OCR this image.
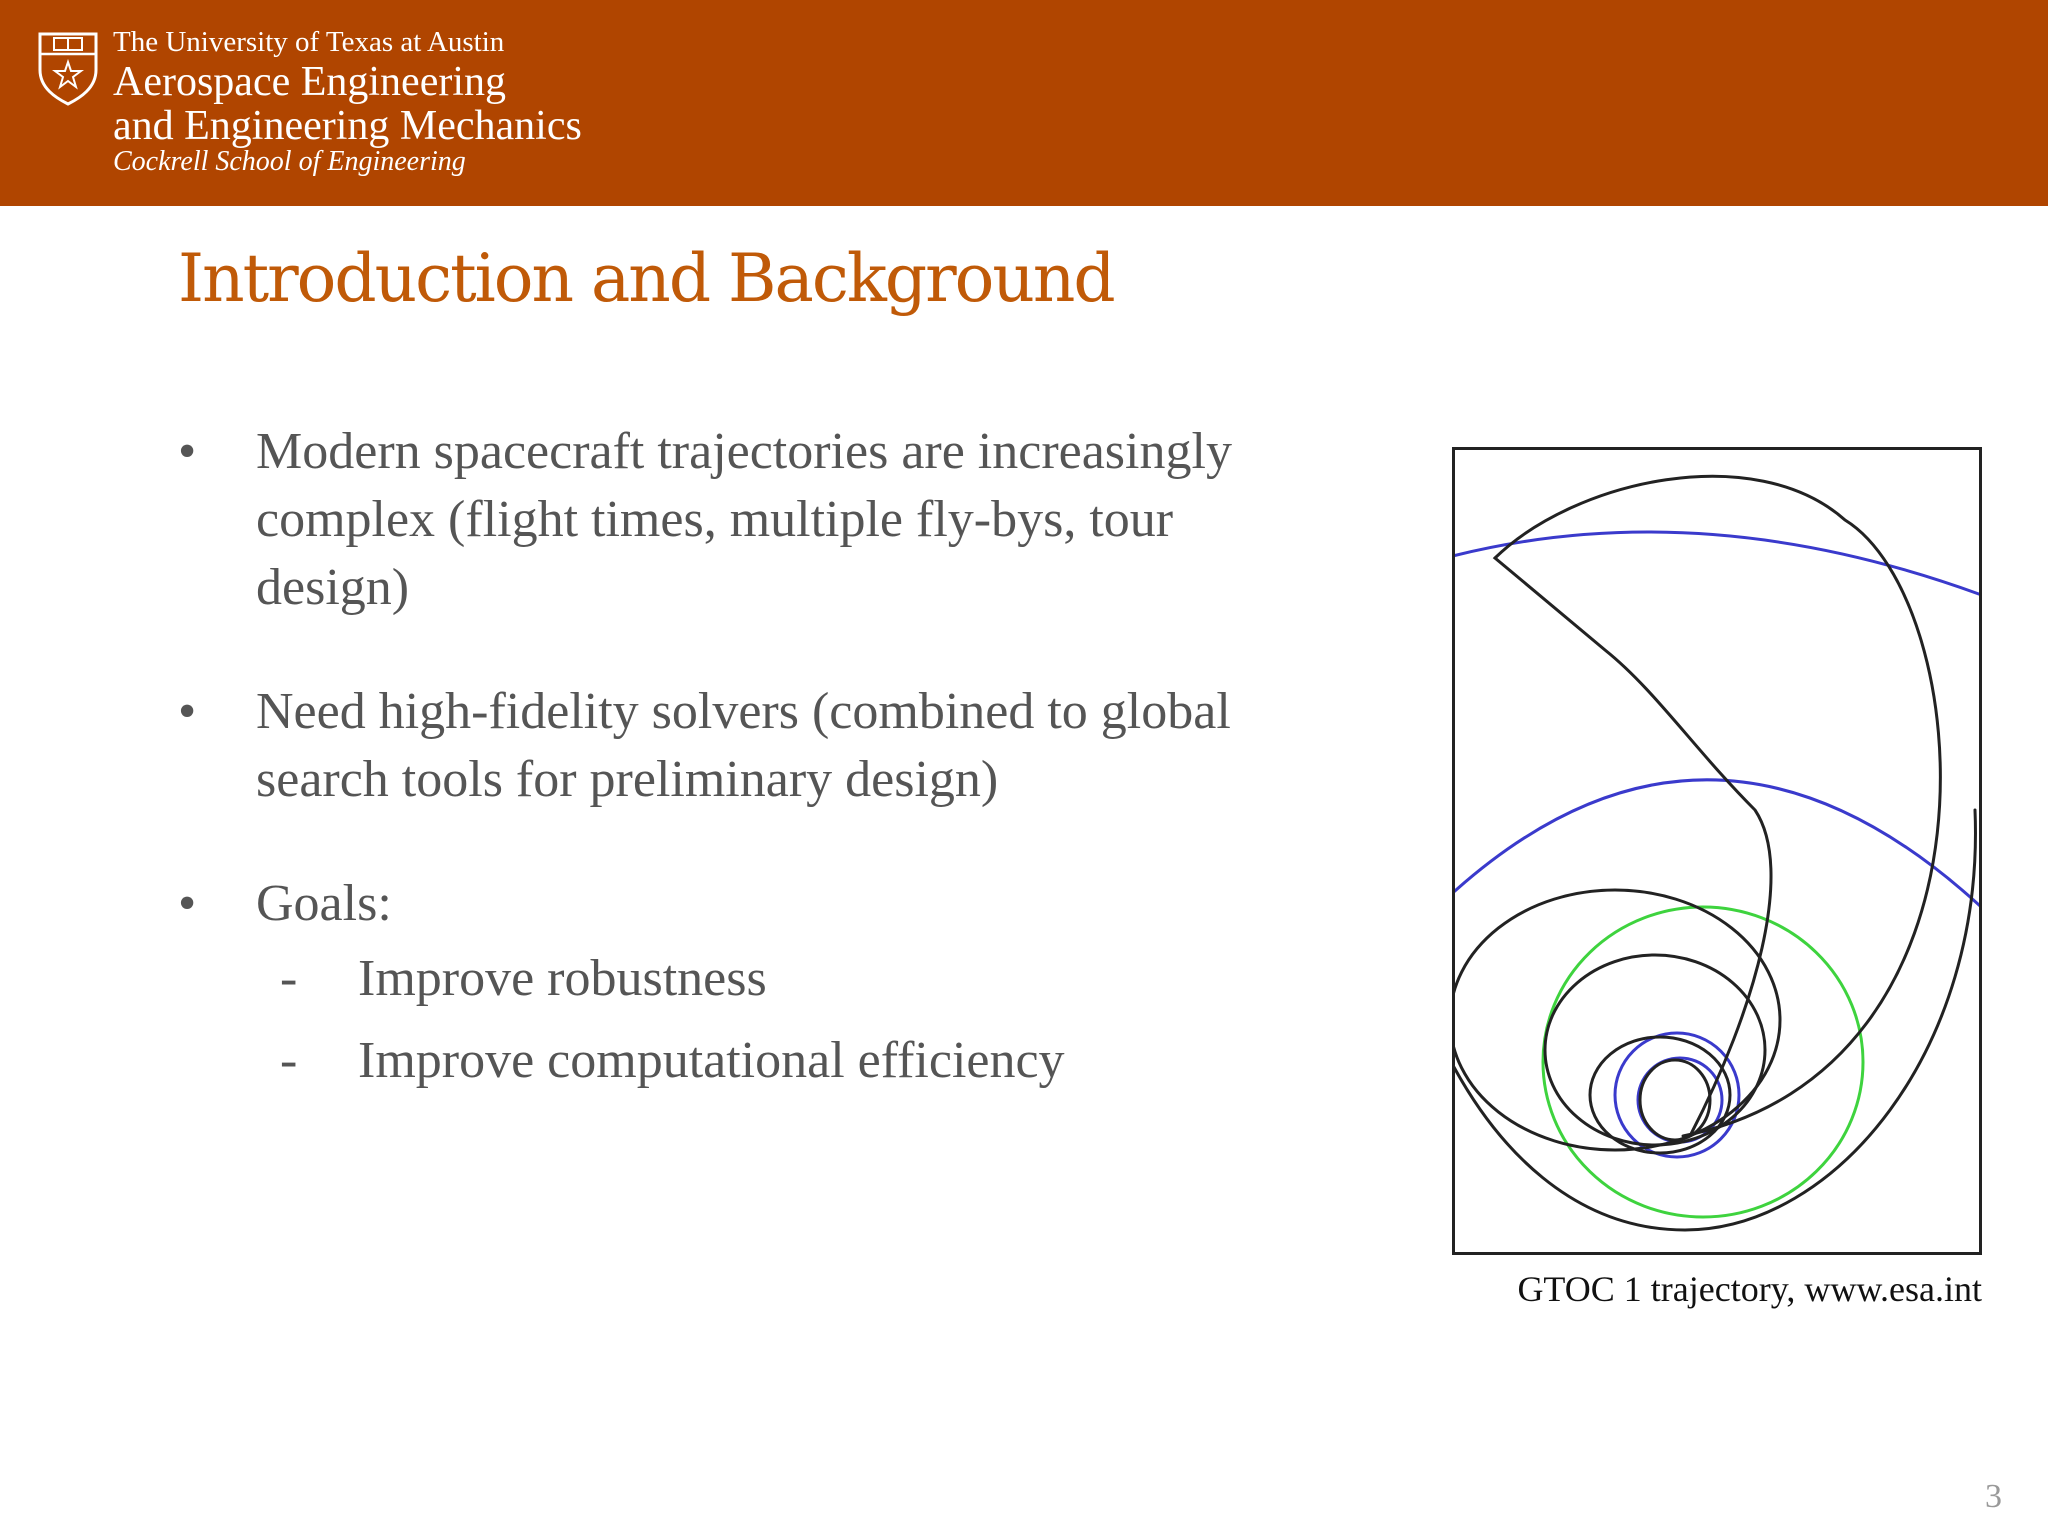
The University of Texas at Austin
Aerospace Engineering
and Engineering Mechanics
Cockrell School of Engineering
Introduction and Background
•	Modern spacecraft trajectories are increasingly complex (flight times, multiple fly-bys, tour design)
•	Need high-fidelity solvers (combined to global search tools for preliminary design)
•	Goals:
- Improve robustness
- Improve computational efficiency
GTOC 1 trajectory, www.esa.int
3
